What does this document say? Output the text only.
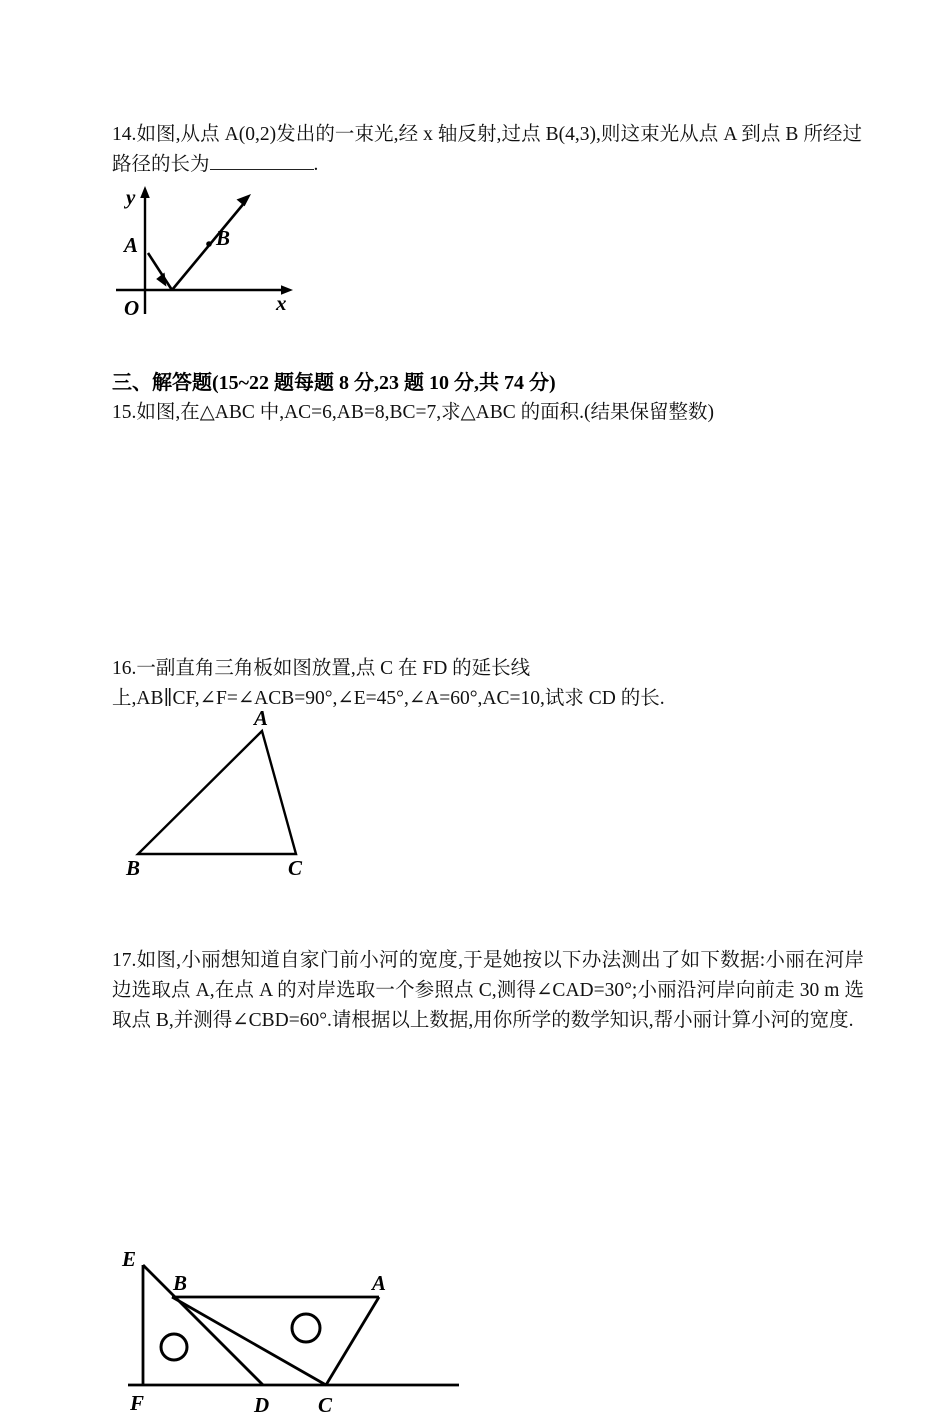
14.如图,从点 A(0,2)发出的一束光,经 x 轴反射,过点 B(4,3),则这束光从点 A 到点 B 所经过路径的长为	.
y
x
O
A	B
三、解答题(15~22 题每题 8 分,23 题 10 分,共 74 分)
15.如图,在△ABC 中,AC=6,AB=8,BC=7,求△ABC 的面积.(结果保留整数)
A
B	C
16.一副直角三角板如图放置,点 C 在 FD 的延长线
上,AB∥CF,∠F=∠ACB=90°,∠E=45°,∠A=60°,AC=10,试求 CD 的长.
E
B	A
F	D C
17.如图,小丽想知道自家门前小河的宽度,于是她按以下办法测出了如下数据:小丽在河岸边选取点 A,在点 A 的对岸选取一个参照点 C,测得∠CAD=30°;小丽沿河岸向前走 30 m 选取点 B,并测得∠CBD=60°.请根据以上数据,用你所学的数学知识,帮小丽计算小河的宽度.
